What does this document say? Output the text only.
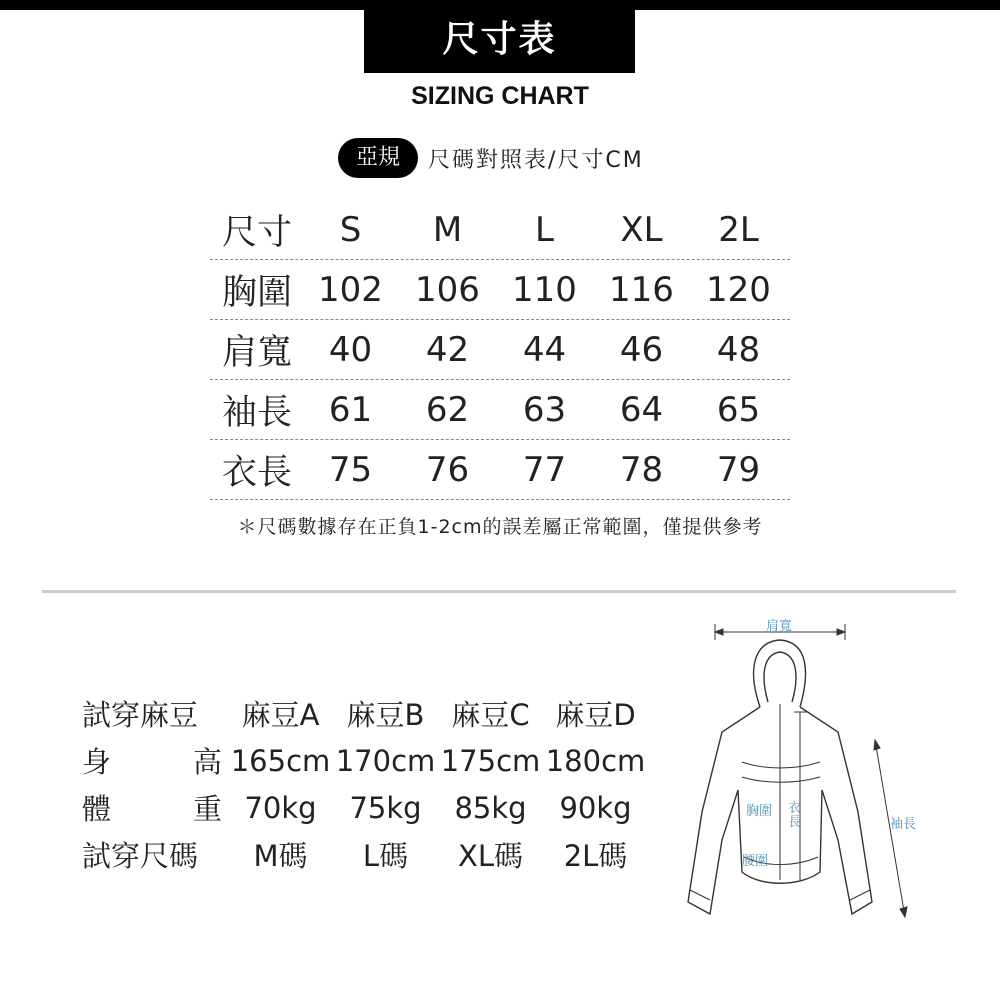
尺寸表
SIZING CHART
亞規	尺碼對照表/尺寸CM
尺寸	S	M	L	XL	2L
胸圍 102 106 110 116 120
肩寬	40	42	44	46	48
袖長	61	62	63	64	65
衣長	75	76	77	78	79
＊尺碼數據存在正負1-2cm的誤差屬正常範圍，僅提供參考
試穿麻豆	麻豆A 麻豆B 麻豆C 麻豆D
身	高 165cm 170cm 175cm 180cm
體	重 70kg	75kg	85kg	90kg
試穿尺碼	M碼	L碼	XL碼	2L碼
肩寬
胸圍 衣
長	袖長
腰圍
